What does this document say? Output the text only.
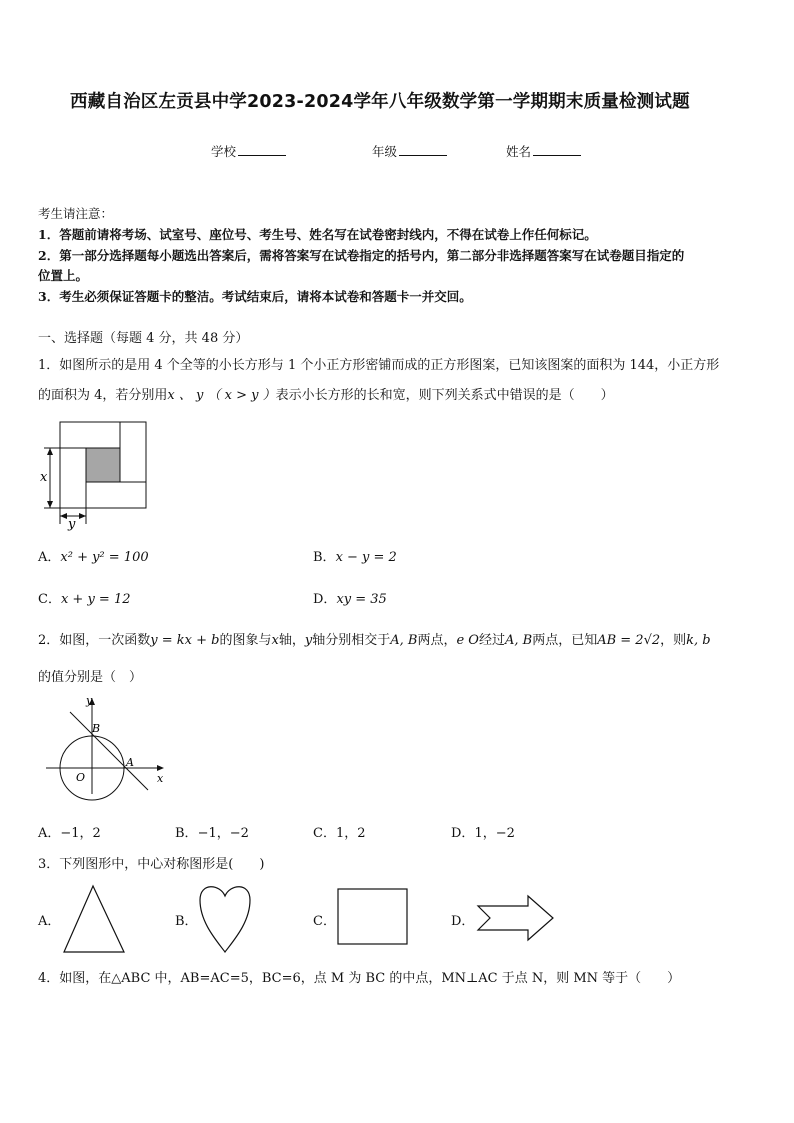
西藏自治区左贡县中学2023-2024学年八年级数学第一学期期末质量检测试题
学校	年级	姓名
考生请注意：
1．答题前请将考场、试室号、座位号、考生号、姓名写在试卷密封线内，不得在试卷上作任何标记。
2．第一部分选择题每小题选出答案后，需将答案写在试卷指定的括号内，第二部分非选择题答案写在试卷题目指定的
位置上。
3．考生必须保证答题卡的整洁。考试结束后，请将本试卷和答题卡一并交回。
一、选择题（每题 4 分，共 48 分）
1．如图所示的是用 4 个全等的小长方形与 1 个小正方形密铺而成的正方形图案，已知该图案的面积为 144，小正方形
的面积为 4，若分别用x 、 y （ x > y ）表示小长方形的长和宽，则下列关系式中错误的是（　　）
x
y
A．x² + y² = 100	B．x − y = 2
C．x + y = 12	D．xy = 35
2．如图，一次函数y = kx + b的图象与x轴，y轴分别相交于A, B两点，e O经过A, B两点，已知AB = 2√2，则k, b
的值分别是（　）
y
x
B
A
O
A．−1，2	B．−1，−2	C．1，2	D．1，−2
3．下列图形中，中心对称图形是(　　)
A．	B．	C．	D．
4．如图，在△ABC 中，AB=AC=5，BC=6，点 M 为 BC 的中点，MN⊥AC 于点 N，则 MN 等于（　　）
